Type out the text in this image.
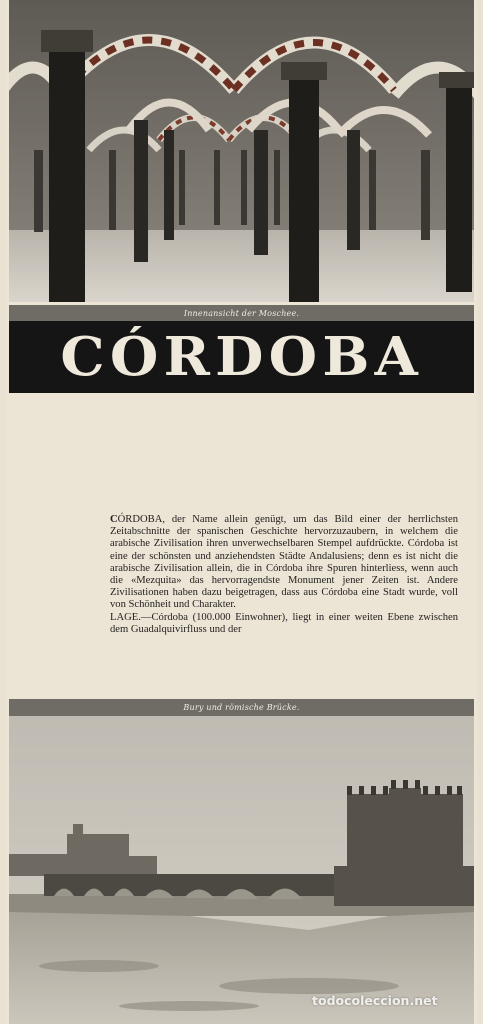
Innenansicht der Moschee.
CÓRDOBA

CÓRDOBA, der Name allein genügt, um das Bild einer der herrlichsten Zeitabschnitte der spanischen Geschichte hervorzuzaubern, in welchem die arabische Zivilisation ihren unverwechselbaren Stempel aufdrückte. Córdoba ist eine der schönsten und anziehendsten Städte Andalusiens; denn es ist nicht die arabische Zivilisation allein, die in Córdoba ihre Spuren hinterliess, wenn auch die «Mezquita» das hervorragendste Monument jener Zeiten ist. Andere Zivilisationen haben dazu beigetragen, dass aus Córdoba eine Stadt wurde, voll von Schönheit und Charakter.

LAGE.—Córdoba (100.000 Einwohner), liegt in einer weiten Ebene zwischen dem Guadalquivirfluss und der

Bury und römische Brücke.
todocoleccion.net
